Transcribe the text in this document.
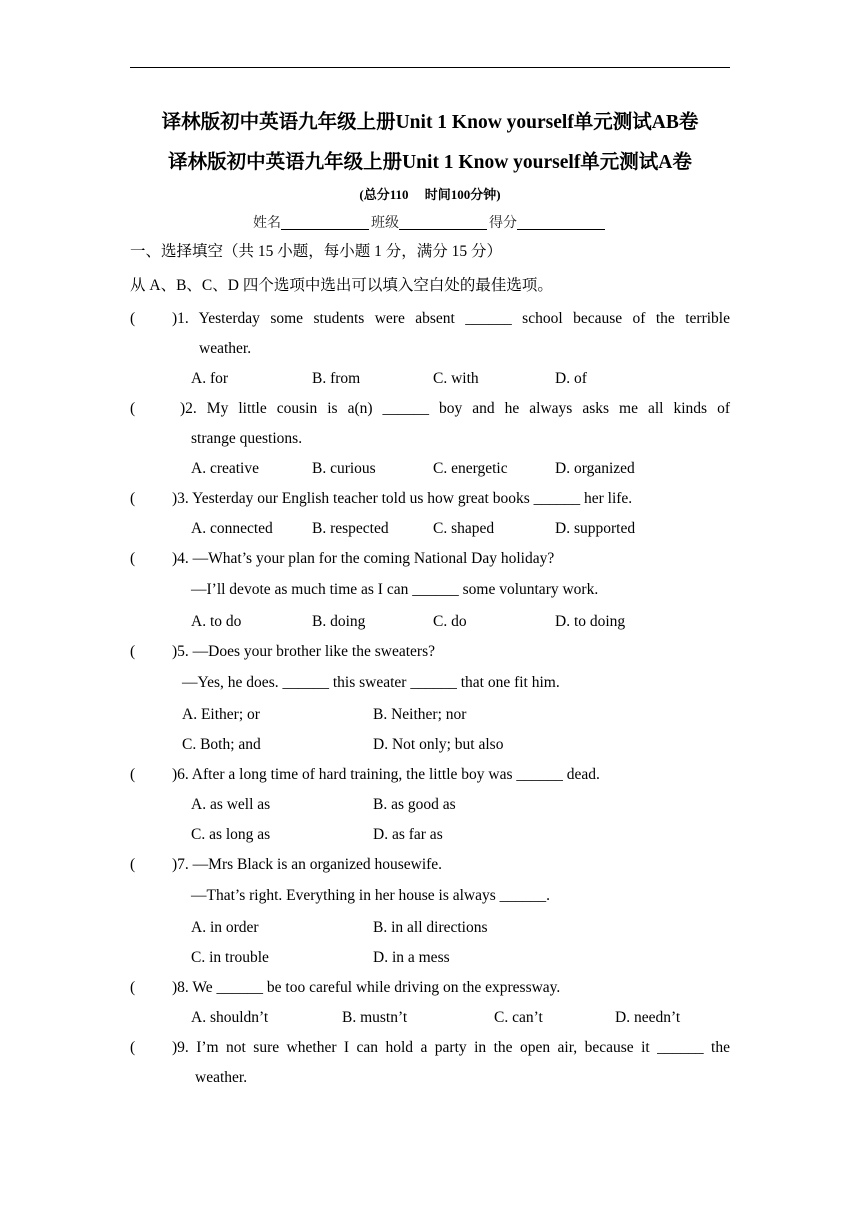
译林版初中英语九年级上册Unit 1 Know yourself单元测试AB卷
译林版初中英语九年级上册Unit 1 Know yourself单元测试A卷
(总分110     时间100分钟)
姓名	班级	得分
一、选择填空（共 15 小题，每小题 1 分，满分 15 分）
从 A、B、C、D 四个选项中选出可以填入空白处的最佳选项。
( )1. Yesterday some students were absent ______ school because of the terrible
weather.
A. for	B. from	C. with	D. of
(	)2. My little cousin is a(n) ______ boy and he always asks me all kinds of
strange questions.
A. creative	B. curious	C. energetic	D. organized
( )3. Yesterday our English teacher told us how great books ______ her life.
A. connected	B. respected	C. shaped	D. supported
( )4. —What’s your plan for the coming National Day holiday?
—I’ll devote as much time as I can ______ some voluntary work.
A. to do	B. doing	C. do	D. to doing
( )5. —Does your brother like the sweaters?
—Yes, he does. ______ this sweater ______ that one fit him.
A. Either; or	B. Neither; nor
C. Both; and	D. Not only; but also
( )6. After a long time of hard training, the little boy was ______ dead.
A. as well as	B. as good as
C. as long as	D. as far as
( )7. —Mrs Black is an organized housewife.
—That’s right. Everything in her house is always ______.
A. in order	B. in all directions
C. in trouble	D. in a mess
( )8. We ______ be too careful while driving on the expressway.
A. shouldn’t	B. mustn’t	C. can’t	D. needn’t
( )9. I’m not sure whether I can hold a party in the open air, because it ______ the
weather.
